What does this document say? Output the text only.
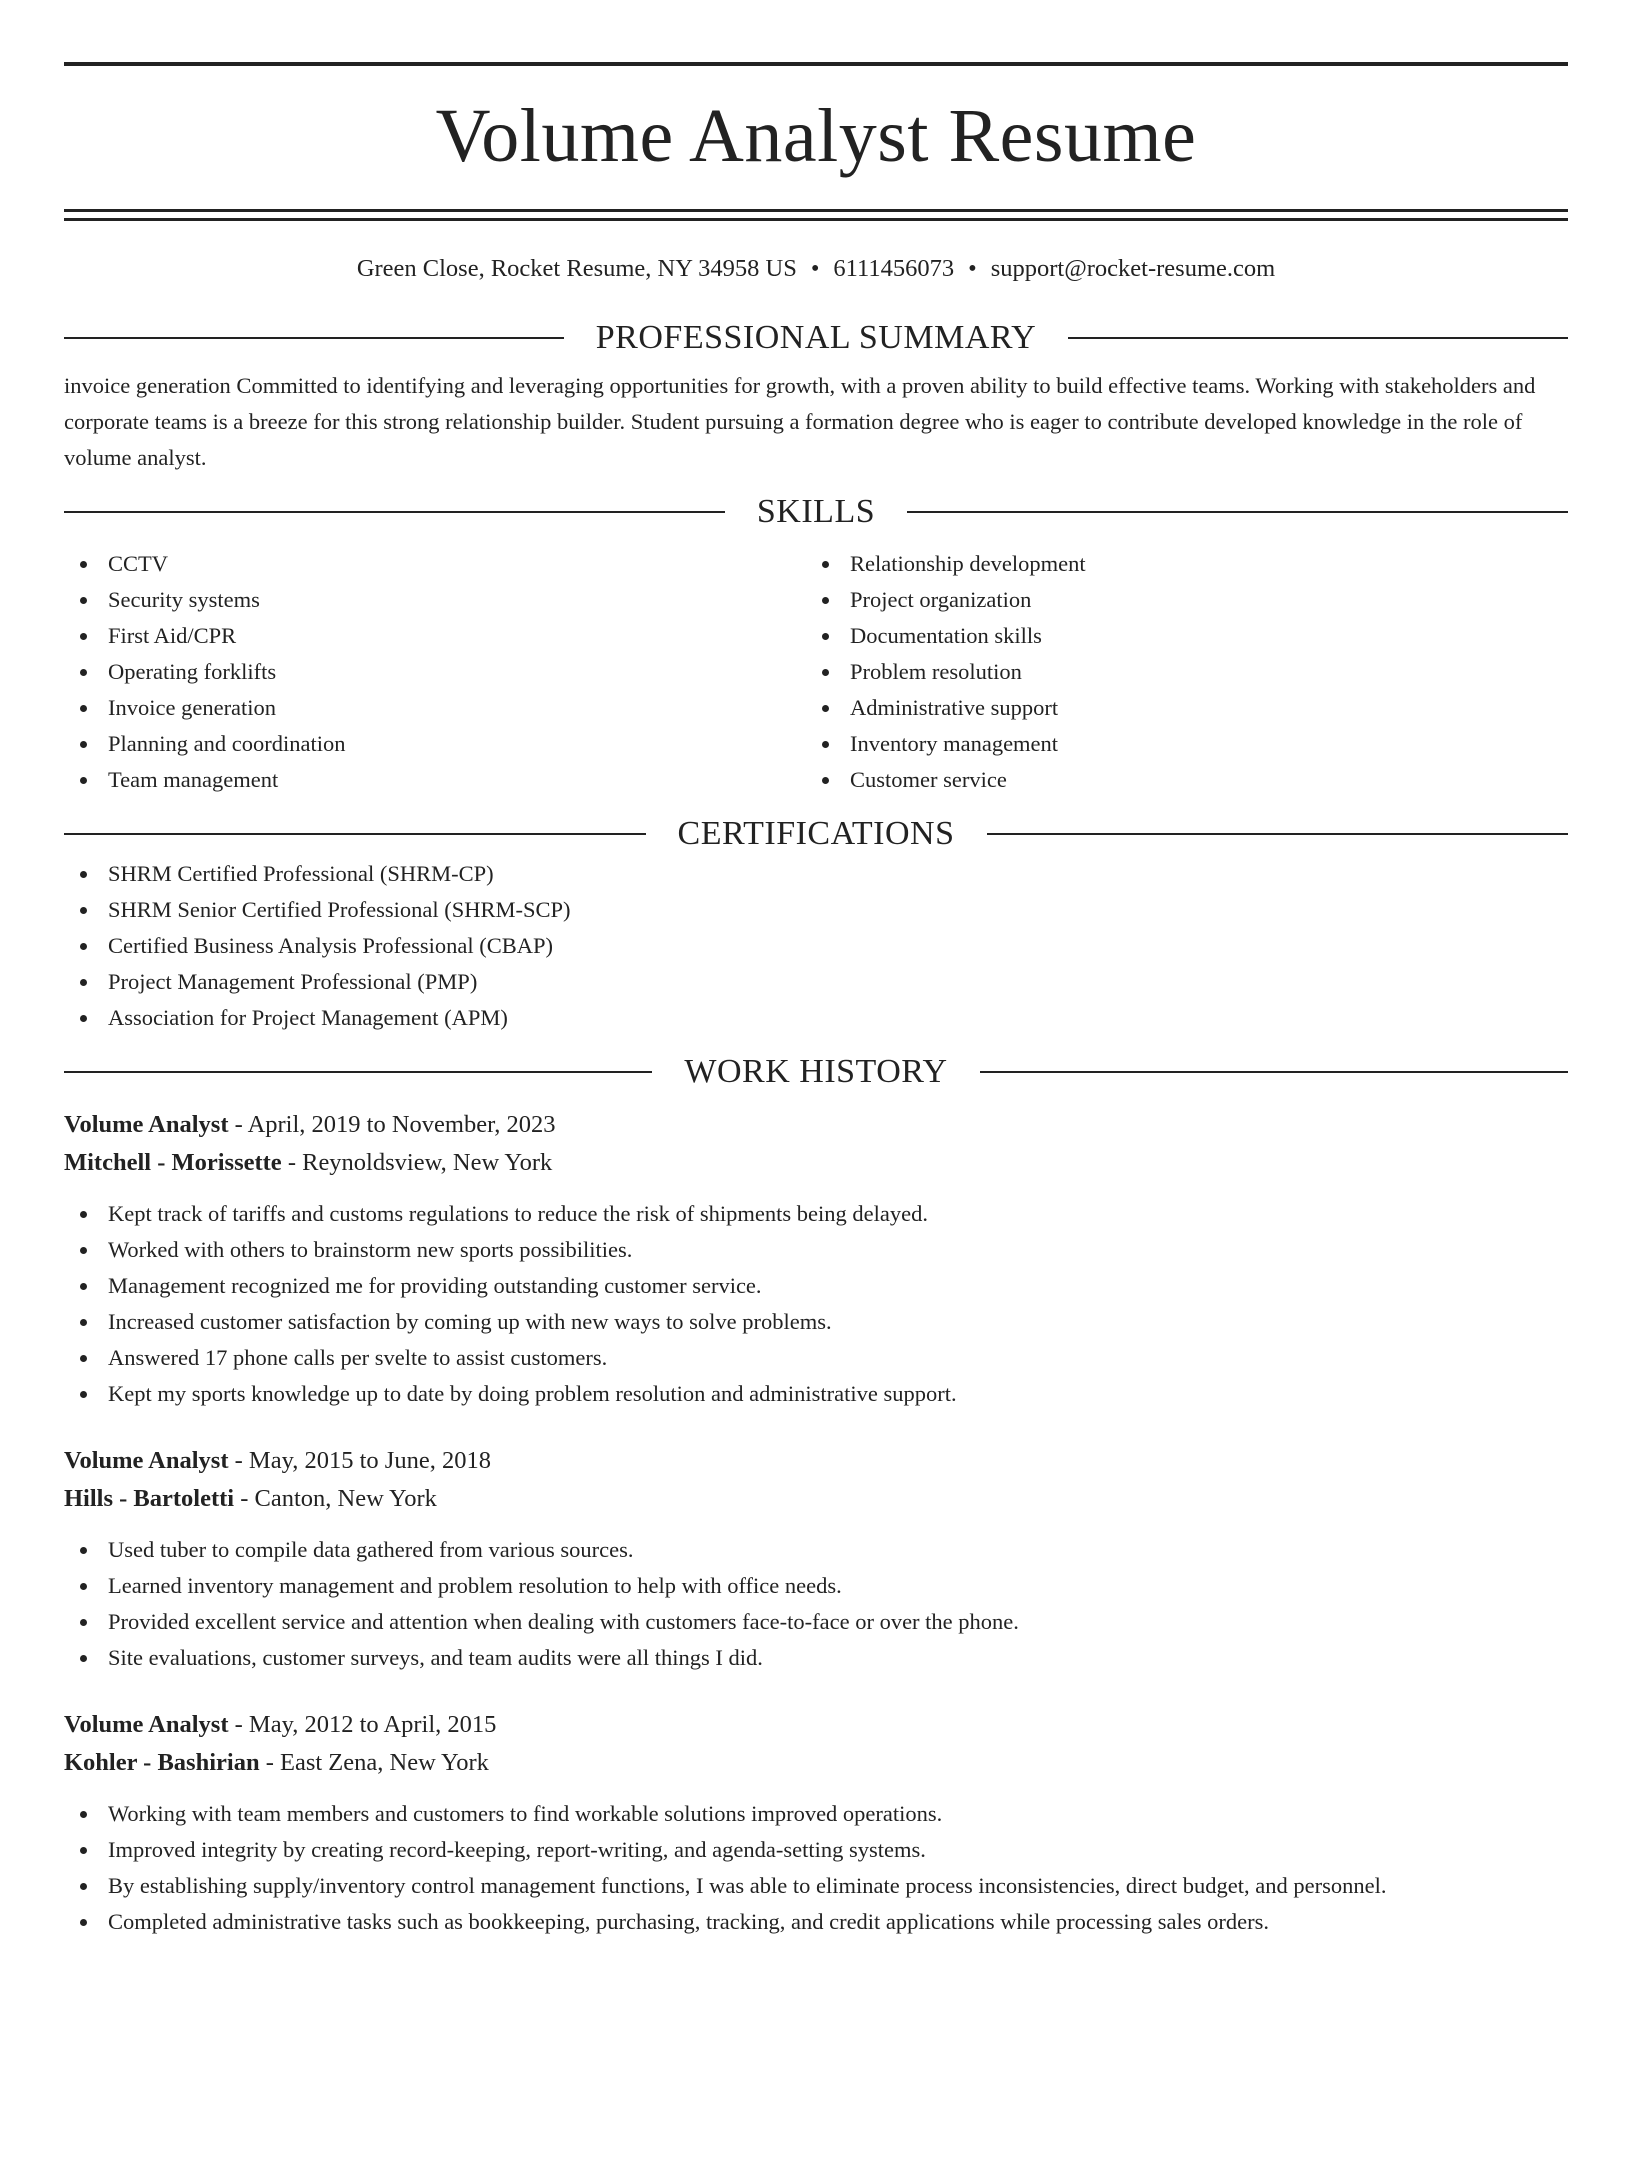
Volume Analyst Resume
Green Close, Rocket Resume, NY 34958 US • 6111456073 • support@rocket-resume.com
PROFESSIONAL SUMMARY

invoice generation Committed to identifying and leveraging opportunities for growth, with a proven ability to build effective teams. Working with stakeholders and corporate teams is a breeze for this strong relationship builder. Student pursuing a formation degree who is eager to contribute developed knowledge in the role of volume analyst.

SKILLS
CCTV
Security systems
First Aid/CPR
Operating forklifts
Invoice generation
Planning and coordination
Team management
Relationship development
Project organization
Documentation skills
Problem resolution
Administrative support
Inventory management
Customer service
CERTIFICATIONS
SHRM Certified Professional (SHRM-CP)
SHRM Senior Certified Professional (SHRM-SCP)
Certified Business Analysis Professional (CBAP)
Project Management Professional (PMP)
Association for Project Management (APM)
WORK HISTORY
Volume Analyst - April, 2019 to November, 2023
Mitchell - Morissette - Reynoldsview, New York
Kept track of tariffs and customs regulations to reduce the risk of shipments being delayed.
Worked with others to brainstorm new sports possibilities.
Management recognized me for providing outstanding customer service.
Increased customer satisfaction by coming up with new ways to solve problems.
Answered 17 phone calls per svelte to assist customers.
Kept my sports knowledge up to date by doing problem resolution and administrative support.
Volume Analyst - May, 2015 to June, 2018
Hills - Bartoletti - Canton, New York
Used tuber to compile data gathered from various sources.
Learned inventory management and problem resolution to help with office needs.
Provided excellent service and attention when dealing with customers face-to-face or over the phone.
Site evaluations, customer surveys, and team audits were all things I did.
Volume Analyst - May, 2012 to April, 2015
Kohler - Bashirian - East Zena, New York
Working with team members and customers to find workable solutions improved operations.
Improved integrity by creating record-keeping, report-writing, and agenda-setting systems.
By establishing supply/inventory control management functions, I was able to eliminate process inconsistencies, direct budget, and personnel.
Completed administrative tasks such as bookkeeping, purchasing, tracking, and credit applications while processing sales orders.
